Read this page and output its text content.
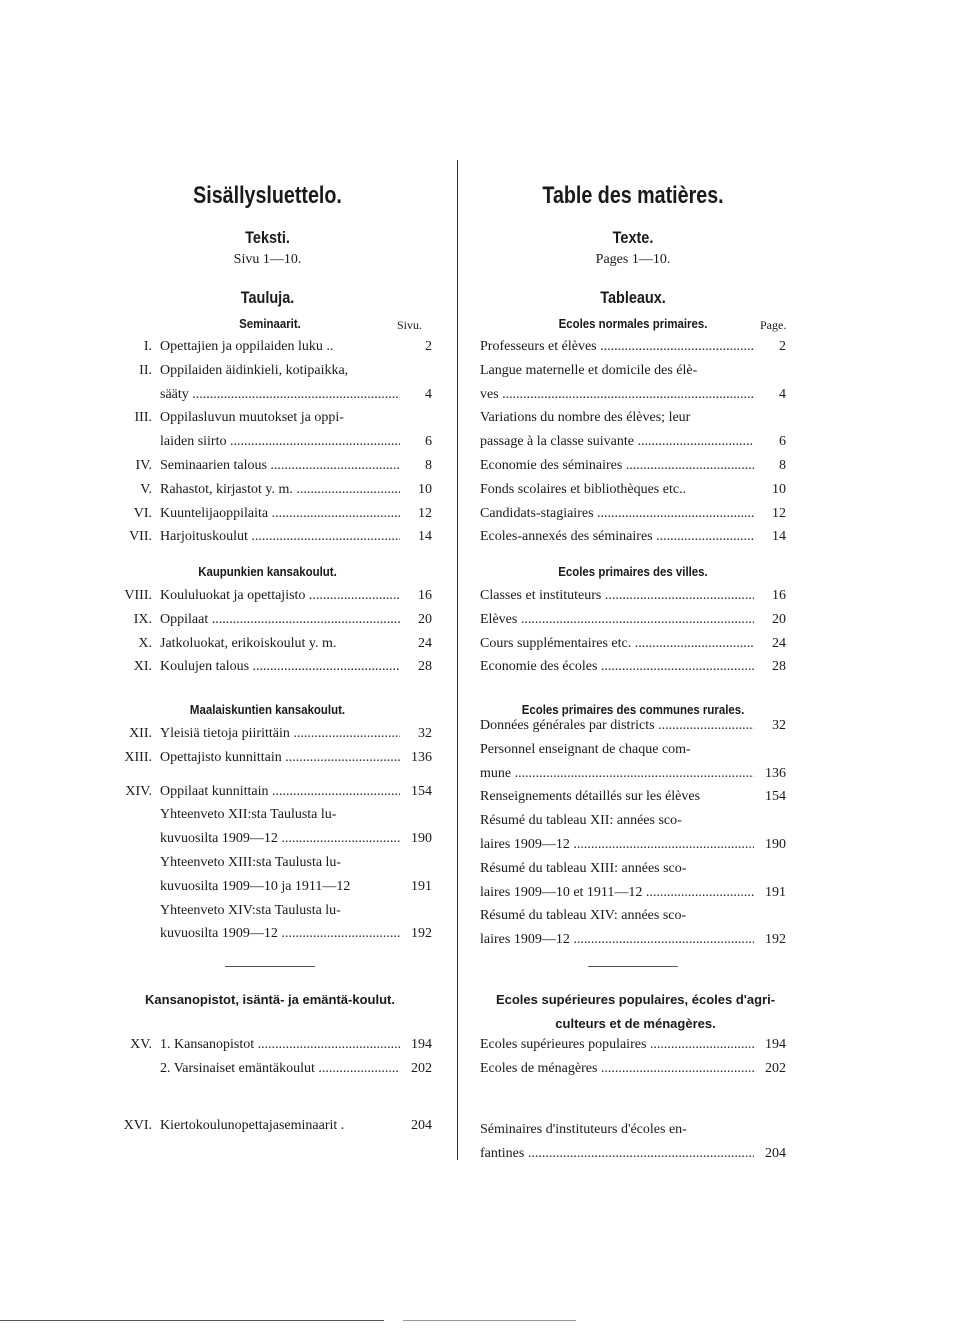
Sisällysluettelo.
Teksti.
Sivu 1—10.
Tauluja.
Seminaarit.	Sivu.
I. Opettajien ja oppilaiden luku ..	2
II. Oppilaiden äidinkieli, kotipaikka,
sääty .....	4
III. Oppilasluvun muutokset ja oppi-
laiden siirto .....	6
IV. Seminaarien talous .....	8
V. Rahastot, kirjastot y. m. .....	10
VI. Kuuntelijaoppilaita .....	12
VII. Harjoituskoulut .....	14
Kaupunkien kansakoulut.
VIII. Koululuokat ja opettajisto .....	16
IX. Oppilaat .....	20
X. Jatkoluokat, erikoiskoulut y. m.	24
XI. Koulujen talous .....	28
Maalaiskuntien kansakoulut.
XII. Yleisiä tietoja piirittäin .....	32
XIII. Opettajisto kunnittain .....	136
XIV. Oppilaat kunnittain .....	154
Yhteenveto XII:sta Taulusta lu-
kuvuosilta 1909—12 .....	190
Yhteenveto XIII:sta Taulusta lu-
kuvuosilta 1909—10 ja 1911—12	191
Yhteenveto XIV:sta Taulusta lu-
kuvuosilta 1909—12 .....	192
Kansanopistot, isäntä- ja emäntä-koulut.
XV. 1. Kansanopistot .....	194
2. Varsinaiset emäntäkoulut .....	202
XVI. Kiertokoulunopettajaseminaarit .	204
Table des matières.
Texte.
Pages 1—10.
Tableaux.
Ecoles normales primaires.	Page.
Professeurs et élèves .....	2
Langue maternelle et domicile des élè-
ves .....	4
Variations du nombre des élèves; leur
passage à la classe suivante .....	6
Economie des séminaires .....	8
Fonds scolaires et bibliothèques etc..	10
Candidats-stagiaires .....	12
Ecoles-annexés des séminaires .....	14
Ecoles primaires des villes.
Classes et instituteurs .....	16
Elèves .....	20
Cours supplémentaires etc. .....	24
Economie des écoles .....	28
Ecoles primaires des communes rurales.
Données générales par districts .....	32
Personnel enseignant de chaque com-
mune .....	136
Renseignements détaillés sur les élèves	154
Résumé du tableau XII: années sco-
laires 1909—12 .....	190
Résumé du tableau XIII: années sco-
laires 1909—10 et 1911—12 .....	191
Résumé du tableau XIV: années sco-
laires 1909—12 .....	192
Ecoles supérieures populaires, écoles d'agri-culteurs et de ménagères.
Ecoles supérieures populaires .....	194
Ecoles de ménagères .....	202
Séminaires d'instituteurs d'écoles en-
fantines .....	204
